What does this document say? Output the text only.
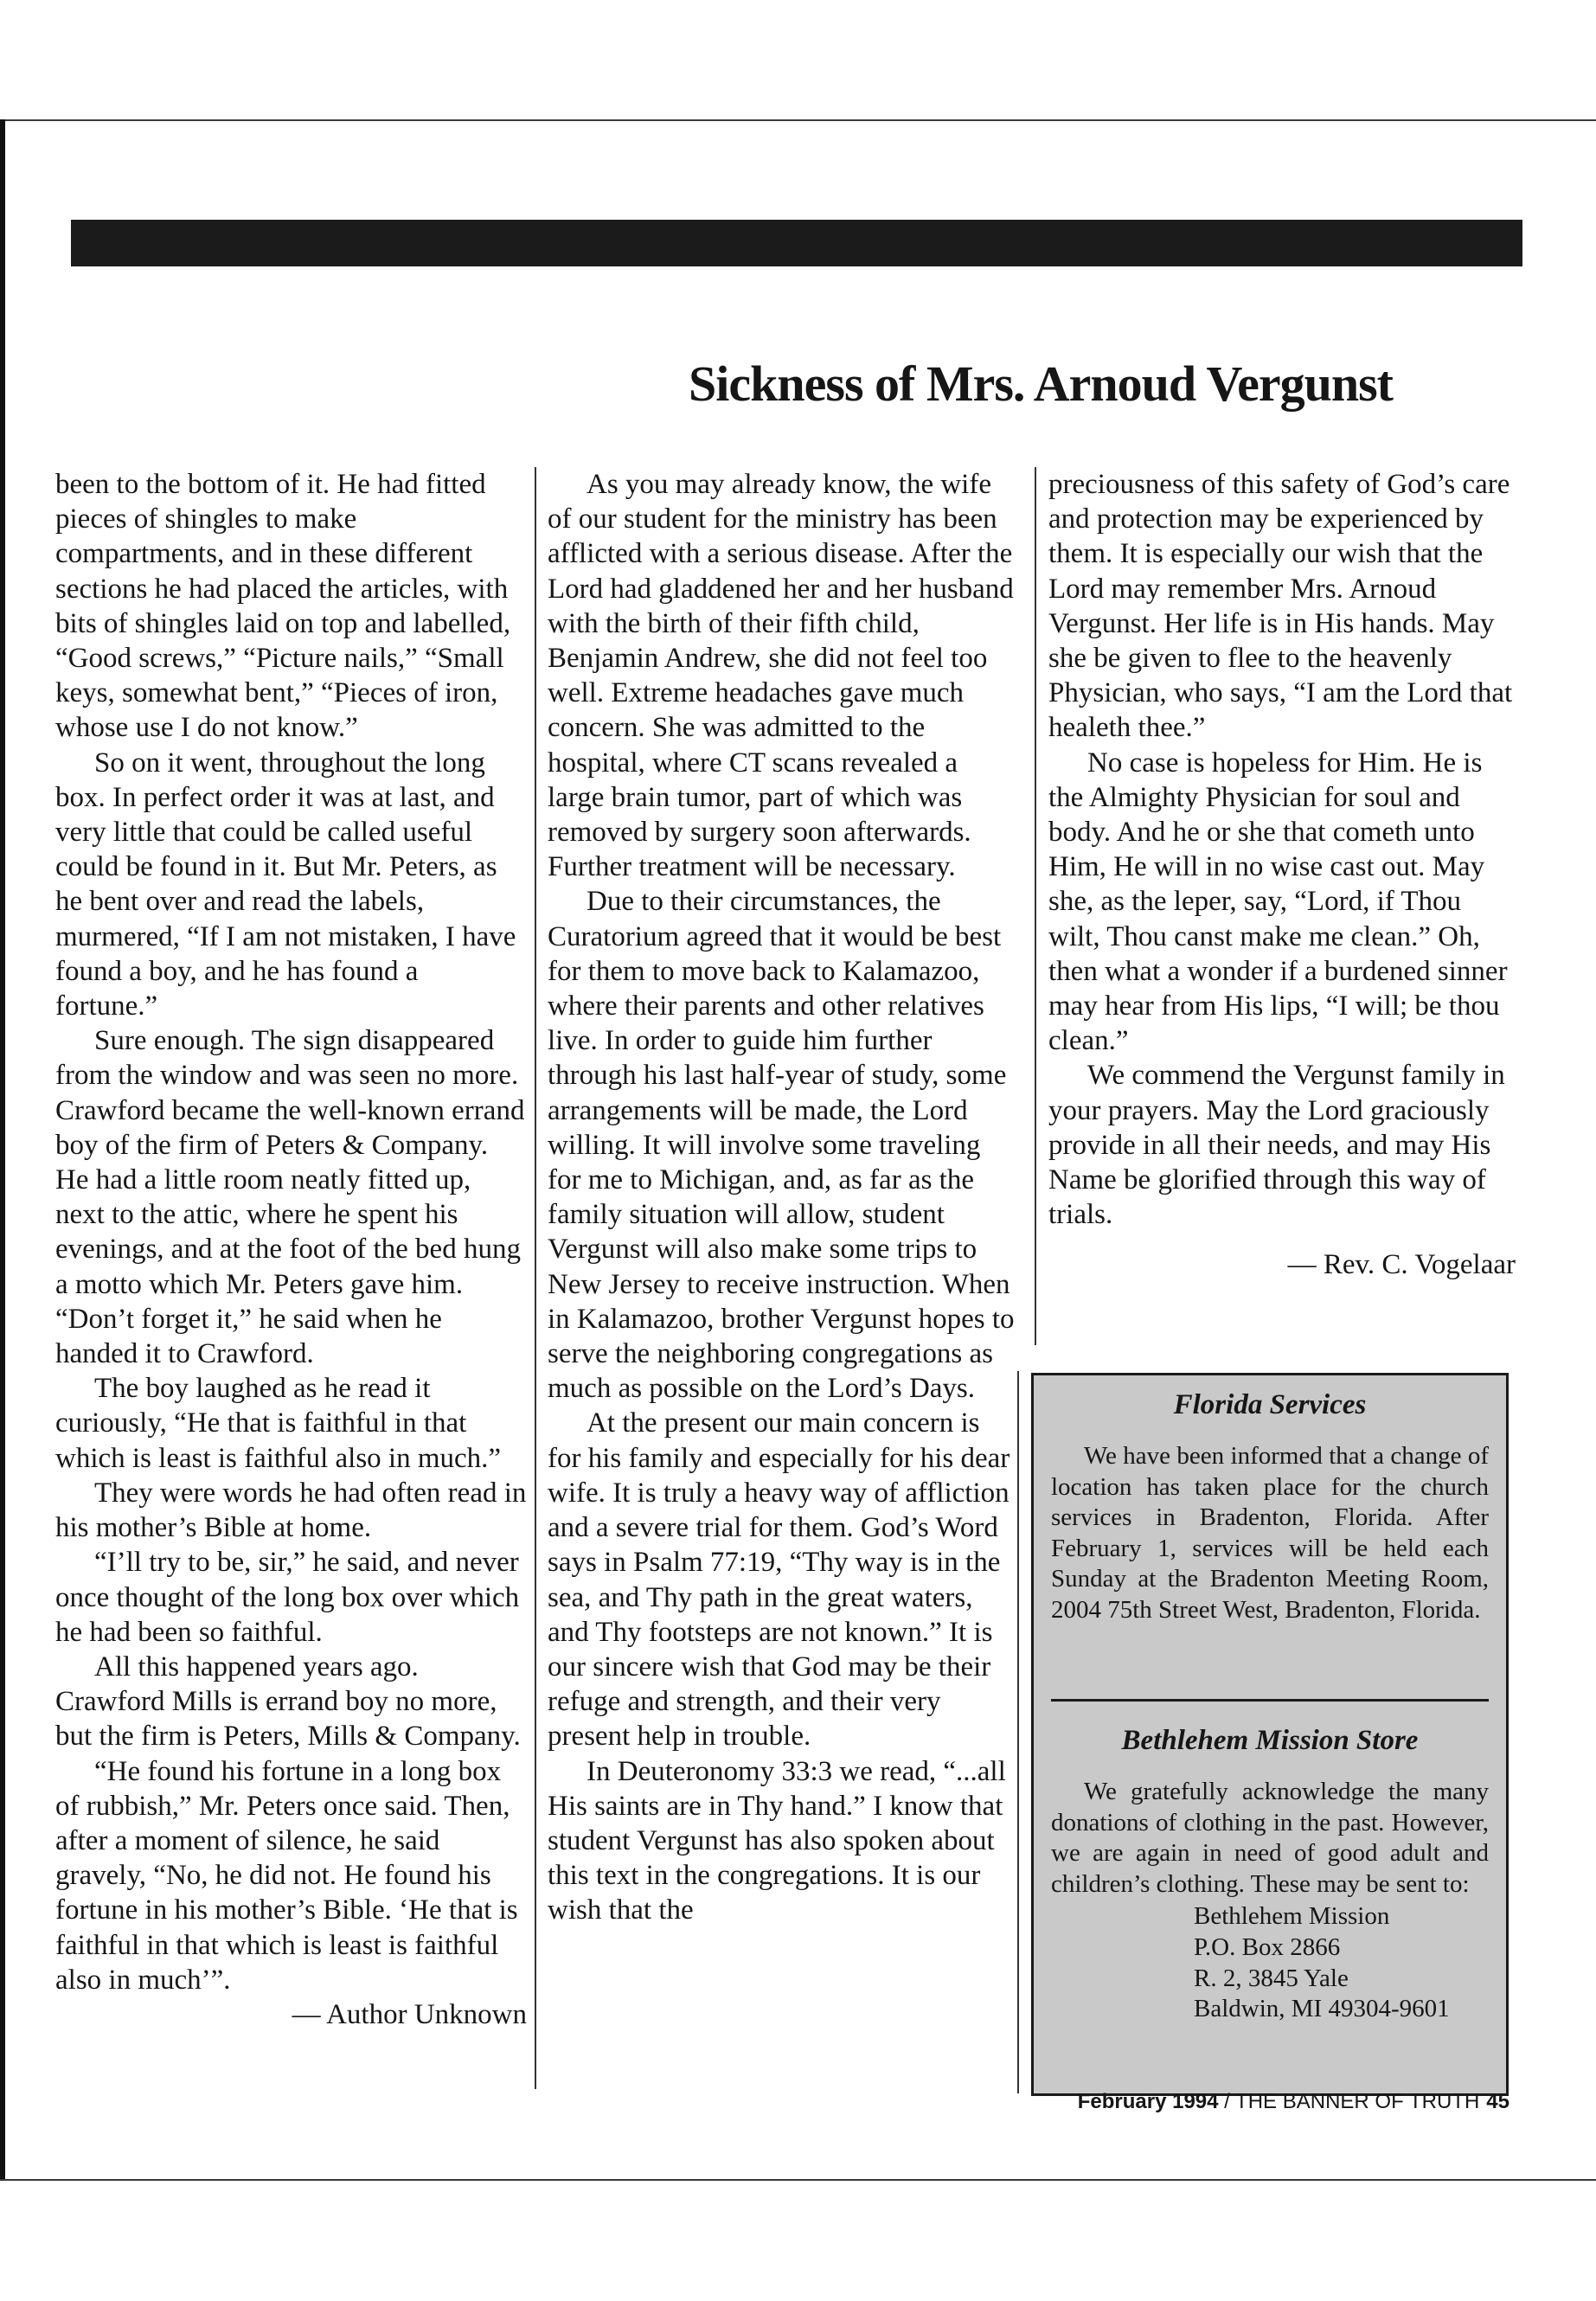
Sickness of Mrs. Arnoud Vergunst

been to the bottom of it. He had fitted pieces of shingles to make compartments, and in these different sections he had placed the articles, with bits of shingles laid on top and labelled, “Good screws,” “Picture nails,” “Small keys, somewhat bent,” “Pieces of iron, whose use I do not know.”

So on it went, throughout the long box. In perfect order it was at last, and very little that could be called useful could be found in it. But Mr. Peters, as he bent over and read the labels, murmered, “If I am not mistaken, I have found a boy, and he has found a fortune.”

Sure enough. The sign disappeared from the window and was seen no more. Crawford became the well-known errand boy of the firm of Peters & Company. He had a little room neatly fitted up, next to the attic, where he spent his evenings, and at the foot of the bed hung a motto which Mr. Peters gave him. “Don’t forget it,” he said when he handed it to Crawford.

The boy laughed as he read it curiously, “He that is faithful in that which is least is faithful also in much.”

They were words he had often read in his mother’s Bible at home.

“I’ll try to be, sir,” he said, and never once thought of the long box over which he had been so faithful.

All this happened years ago. Crawford Mills is errand boy no more, but the firm is Peters, Mills & Company.

“He found his fortune in a long box of rubbish,” Mr. Peters once said. Then, after a moment of silence, he said gravely, “No, he did not. He found his fortune in his mother’s Bible. ‘He that is faithful in that which is least is faithful also in much’”.

— Author Unknown

As you may already know, the wife of our student for the ministry has been afflicted with a serious disease. After the Lord had gladdened her and her husband with the birth of their fifth child, Benjamin Andrew, she did not feel too well. Extreme headaches gave much concern. She was admitted to the hospital, where CT scans revealed a large brain tumor, part of which was removed by surgery soon afterwards. Further treatment will be necessary.

Due to their circumstances, the Curatorium agreed that it would be best for them to move back to Kalamazoo, where their parents and other relatives live. In order to guide him further through his last half-year of study, some arrangements will be made, the Lord willing. It will involve some traveling for me to Michigan, and, as far as the family situation will allow, student Vergunst will also make some trips to New Jersey to receive instruction. When in Kalamazoo, brother Vergunst hopes to serve the neighboring congregations as much as possible on the Lord’s Days.

At the present our main concern is for his family and especially for his dear wife. It is truly a heavy way of affliction and a severe trial for them. God’s Word says in Psalm 77:19, “Thy way is in the sea, and Thy path in the great waters, and Thy footsteps are not known.” It is our sincere wish that God may be their refuge and strength, and their very present help in trouble.

In Deuteronomy 33:3 we read, “...all His saints are in Thy hand.” I know that student Vergunst has also spoken about this text in the congregations. It is our wish that the

preciousness of this safety of God’s care and protection may be experienced by them. It is especially our wish that the Lord may remember Mrs. Arnoud Vergunst. Her life is in His hands. May she be given to flee to the heavenly Physician, who says, “I am the Lord that healeth thee.”

No case is hopeless for Him. He is the Almighty Physician for soul and body. And he or she that cometh unto Him, He will in no wise cast out. May she, as the leper, say, “Lord, if Thou wilt, Thou canst make me clean.” Oh, then what a wonder if a burdened sinner may hear from His lips, “I will; be thou clean.”

We commend the Vergunst family in your prayers. May the Lord graciously provide in all their needs, and may His Name be glorified through this way of trials.

— Rev. C. Vogelaar

Florida Services

We have been informed that a change of location has taken place for the church services in Bradenton, Florida. After February 1, services will be held each Sunday at the Bradenton Meeting Room, 2004 75th Street West, Bradenton, Florida.

Bethlehem Mission Store

We gratefully acknowledge the many donations of clothing in the past. However, we are again in need of good adult and children’s clothing. These may be sent to:

Bethlehem Mission
P.O. Box 2866
R. 2, 3845 Yale
Baldwin, MI 49304-9601
February 1994 / THE BANNER OF TRUTH 45
